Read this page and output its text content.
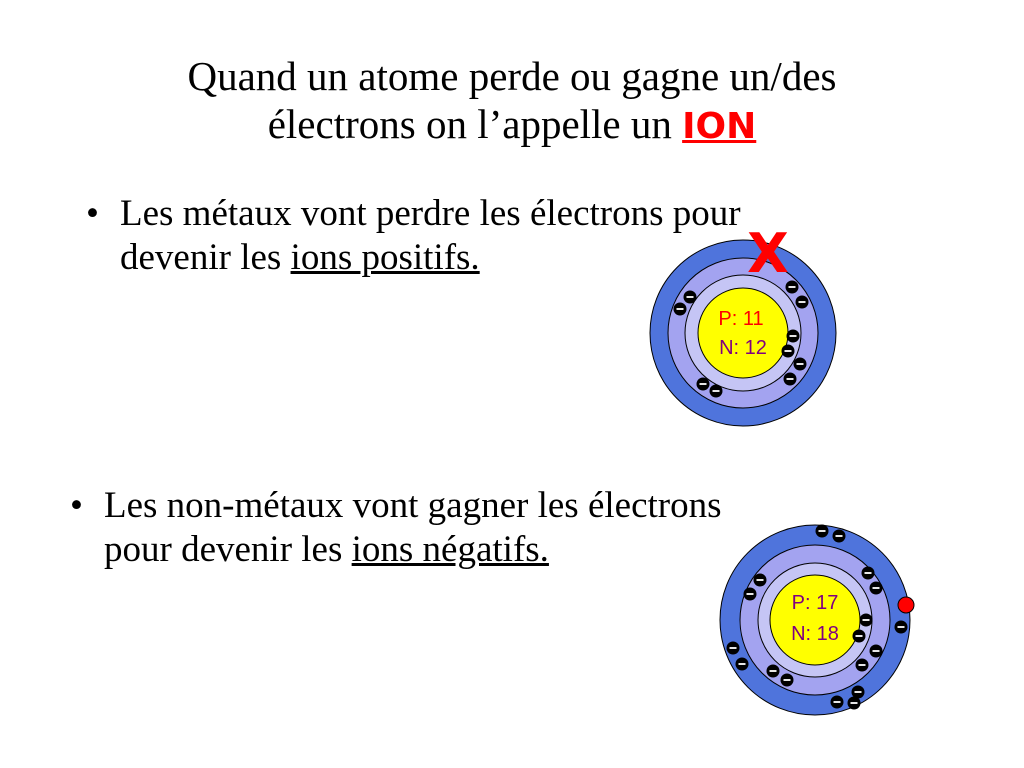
Quand un atome perde ou gagne un/des
électrons on l’appelle un ION
• Les métaux vont perdre les électrons pour
devenir les ions positifs.
• Les non-métaux vont gagner les électrons
pour devenir les ions négatifs.
P: 11
N: 12
X
P: 17
N: 18
